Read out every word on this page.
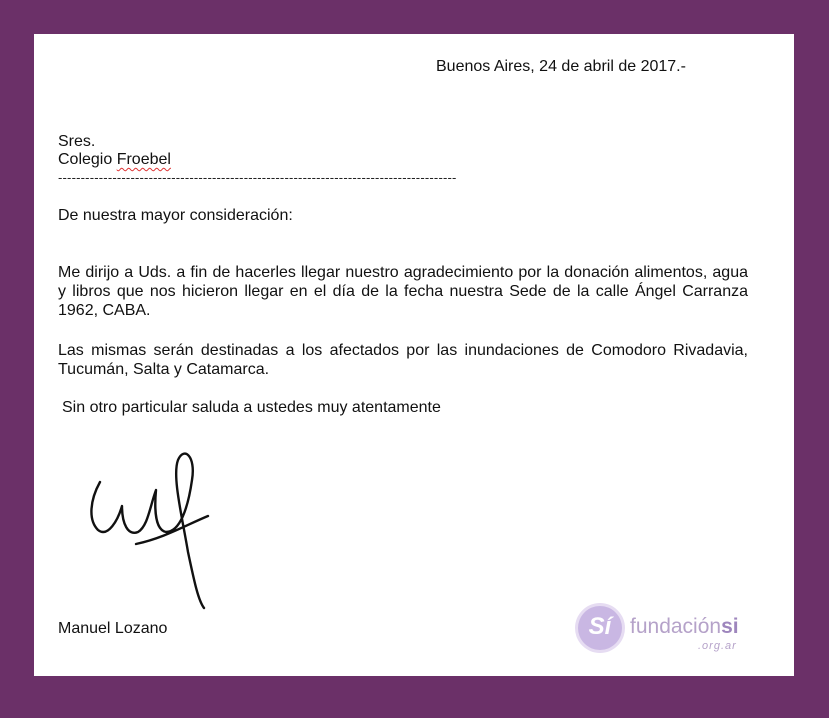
Buenos Aires, 24 de abril de 2017.-

Sres.

Colegio Froebel

----------------------------------------------------------------------------------------

De nuestra mayor consideración:

Me dirijo a Uds. a fin de hacerles llegar nuestro agradecimiento por la donación alimentos, agua y libros que nos hicieron llegar en el día de la fecha nuestra Sede de la calle Ángel Carranza 1962, CABA.

Las mismas serán destinadas a los afectados por las inundaciones de Comodoro Rivadavia, Tucumán, Salta y Catamarca.

Sin otro particular saluda a ustedes muy atentamente

Manuel Lozano	Sí fundaciónsi
.org.ar
